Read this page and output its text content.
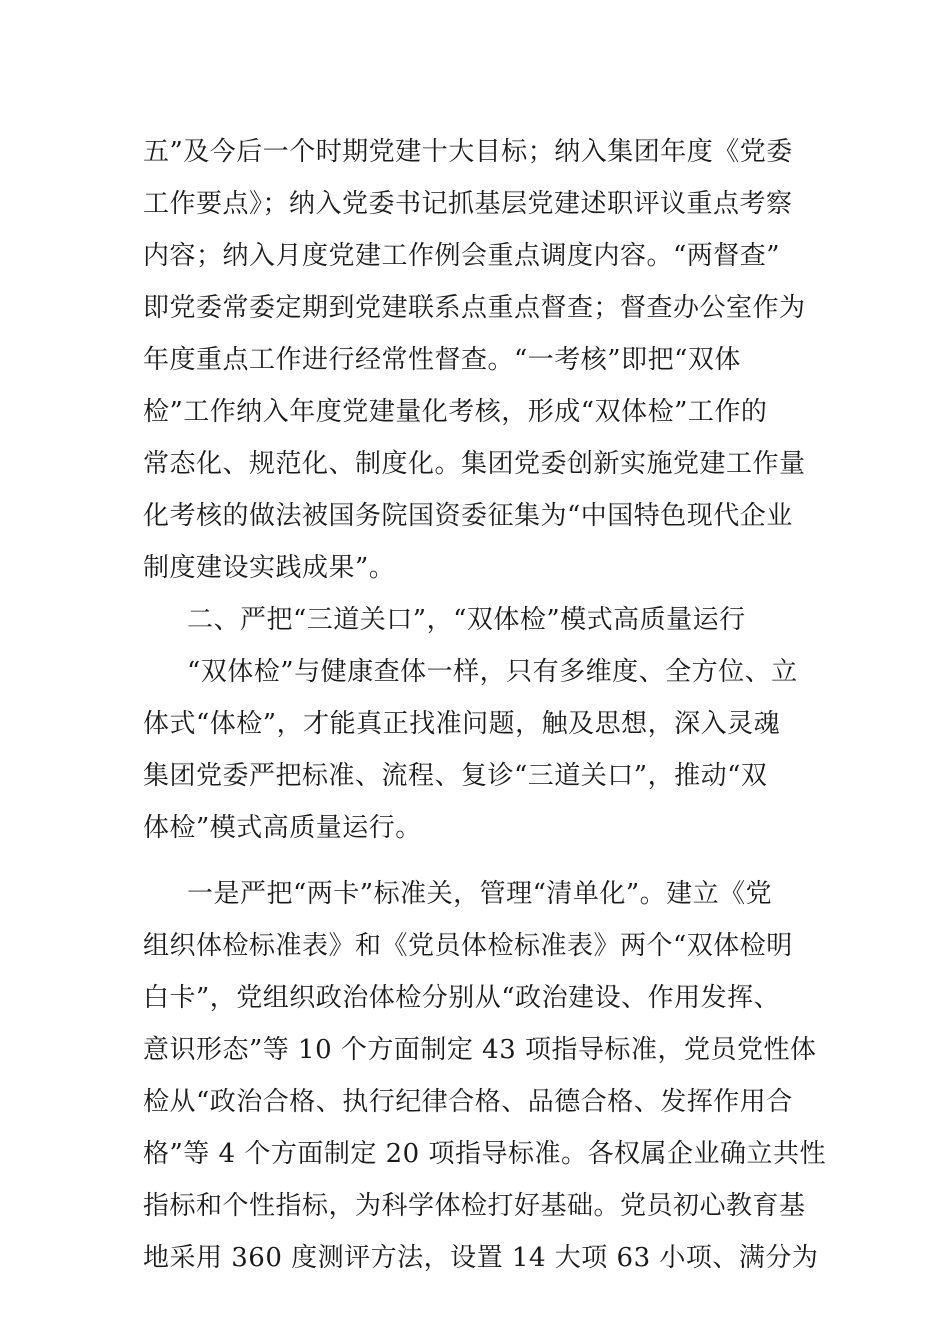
五”及今后一个时期党建十大目标；纳入集团年度《党委
工作要点》；纳入党委书记抓基层党建述职评议重点考察
内容；纳入月度党建工作例会重点调度内容。“两督查”
即党委常委定期到党建联系点重点督查；督查办公室作为
年度重点工作进行经常性督查。“一考核”即把“双体
检”工作纳入年度党建量化考核，形成“双体检”工作的
常态化、规范化、制度化。集团党委创新实施党建工作量
化考核的做法被国务院国资委征集为“中国特色现代企业
制度建设实践成果”。
二、严把“三道关口”，“双体检”模式高质量运行
“双体检”与健康查体一样，只有多维度、全方位、立
体式“体检”，才能真正找准问题，触及思想，深入灵魂
集团党委严把标准、流程、复诊“三道关口”，推动“双
体检”模式高质量运行。
一是严把“两卡”标准关，管理“清单化”。建立《党
组织体检标准表》和《党员体检标准表》两个“双体检明
白卡”，党组织政治体检分别从“政治建设、作用发挥、
意识形态”等 10 个方面制定 43 项指导标准，党员党性体
检从“政治合格、执行纪律合格、品德合格、发挥作用合
格”等 4 个方面制定 20 项指导标准。各权属企业确立共性
指标和个性指标，为科学体检打好基础。党员初心教育基
地采用 360 度测评方法，设置 14 大项 63 小项、满分为
